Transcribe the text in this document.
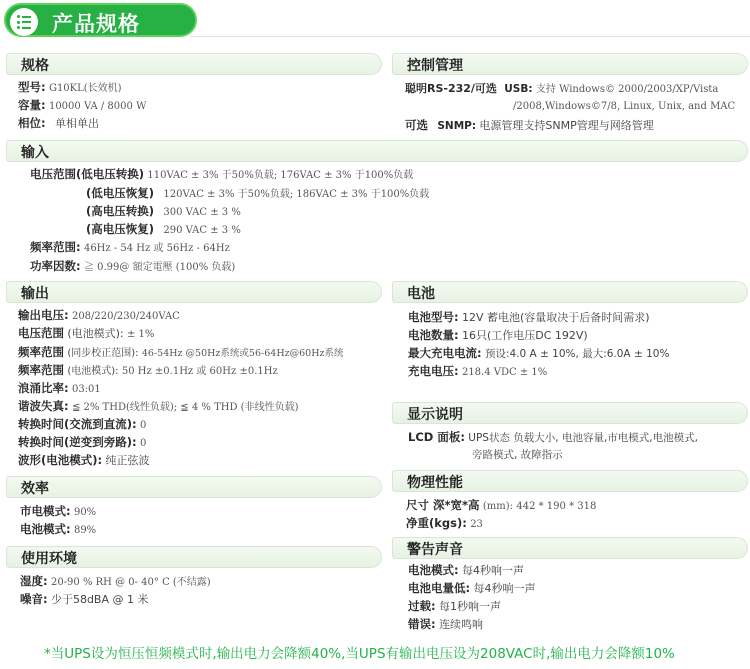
产品规格
规格
型号: G10KL(长效机)
容量: 10000 VA / 8000 W
相位: 单相单出
控制管理
聪明RS-232/可选 USB: 支持 Windows© 2000/2003/XP/Vista
/2008,Windows©7/8, Linux, Unix, and MAC
可选 SNMP: 电源管理支持SNMP管理与网络管理
输入
电压范围(低电压转换) 110VAC ± 3% 于50%负载; 176VAC ± 3% 于100%负载
(低电压恢复) 120VAC ± 3% 于50%负载; 186VAC ± 3% 于100%负载
(高电压转换) 300 VAC ± 3 %
(高电压恢复) 290 VAC ± 3 %
频率范围: 46Hz - 54 Hz 或 56Hz - 64Hz
功率因数: ≧ 0.99@ 額定電壓 (100% 负载)
输出
输出电压: 208/220/230/240VAC
电压范围 (电池模式): ± 1%
频率范围 (同步校正范围): 46-54Hz @50Hz系统或56-64Hz@60Hz系统
频率范围 (电池模式): 50 Hz ±0.1Hz 或 60Hz ±0.1Hz
浪涌比率: 03:01
谐波失真: ≦ 2% THD(线性负载); ≦ 4 % THD (非线性负载)
转换时间(交流到直流): 0
转换时间(逆变到旁路): 0
波形(电池模式): 纯正弦波
电池
电池型号: 12V 蓄电池(容量取决于后备时间需求)
电池数量: 16只(工作电压DC 192V)
最大充电电流: 预设:4.0 A ± 10%, 最大:6.0A ± 10%
充电电压: 218.4 VDC ± 1%
显示说明
LCD 面板: UPS状态 负载大小, 电池容量,市电模式,电池模式,
旁路模式, 故障指示
效率
市电模式: 90%
电池模式: 89%
物理性能
尺寸 深*宽*高 (mm): 442 * 190 * 318
净重(kgs): 23
使用环境
湿度: 20-90 % RH @ 0- 40° C (不结露)
噪音: 少于58dBA @ 1 米
警告声音
电池模式: 每4秒响一声
电池电量低: 每4秒响一声
过载: 每1秒响一声
错误: 连续鸣响
*当UPS设为恒压恒频模式时,输出电力会降额40%,当UPS有输出电压设为208VAC时,输出电力会降额10%
